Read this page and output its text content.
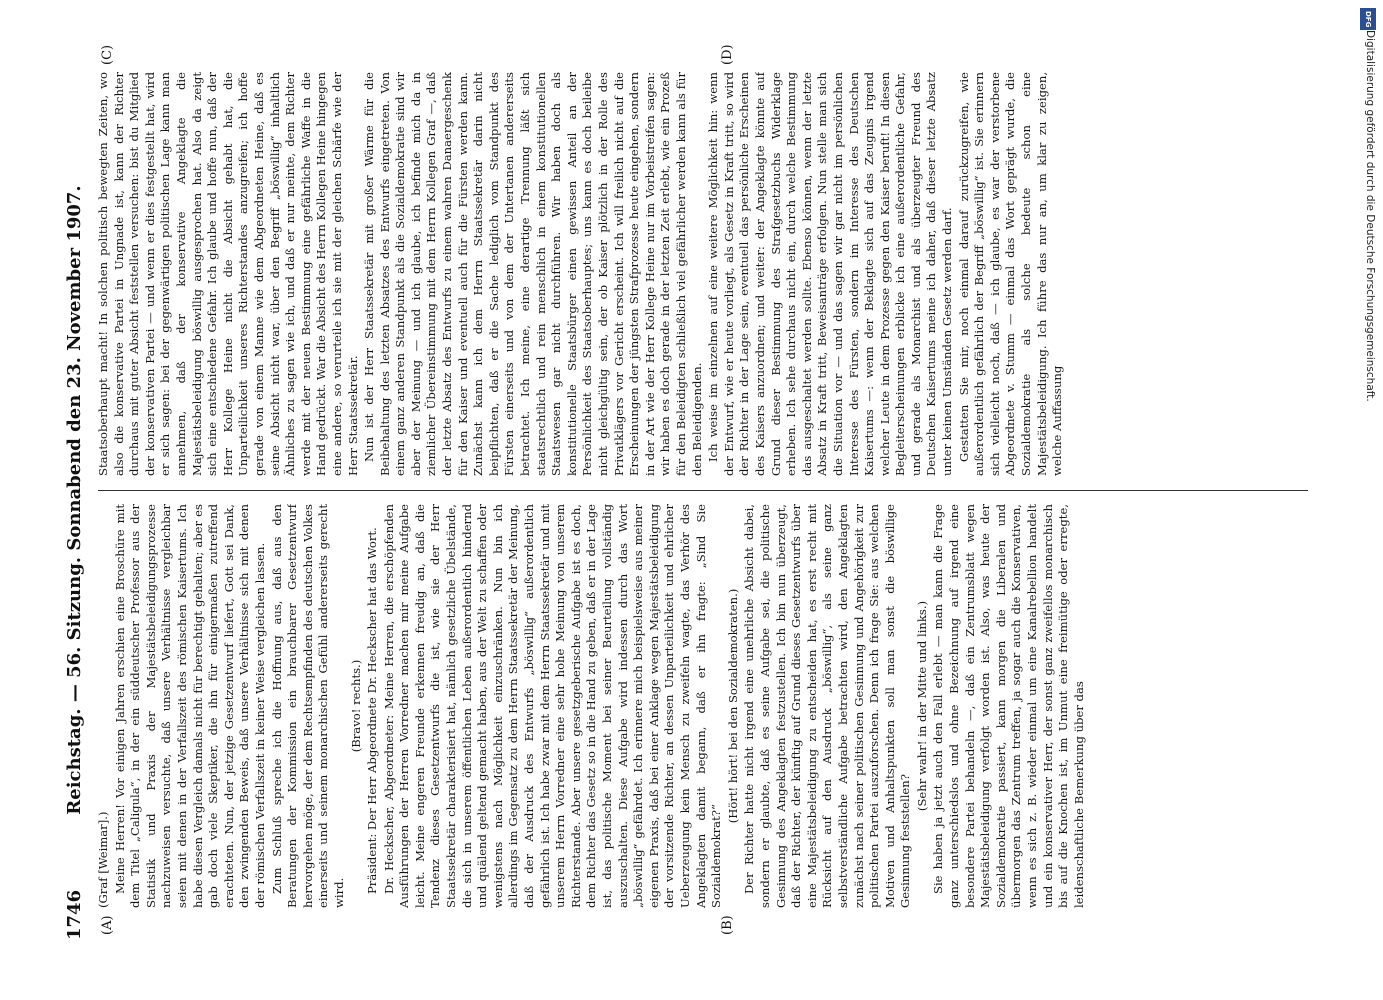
1746
Reichstag. — 56. Sitzung. Sonnabend den 23. November 1907.
(A)	(B)
(C)	(D)

(Graf [Weimar].) Meine Herren! Vor einigen Jahren erschien eine Broschüre mit dem Titel „Caligula“, in der ein süddeutscher Professor aus der Statistik und Praxis der Majestätsbeleidigungsprozesse nachzuweisen versuchte, daß unsere Verhältnisse vergleichbar seien mit denen in der Verfallszeit des römischen Kaisertums. Ich habe diesen Vergleich damals nicht für berechtigt gehalten; aber es gab doch viele Skeptiker, die ihn für einigermaßen zutreffend erachteten. Nun, der jetzige Gesetzentwurf liefert, Gott sei Dank, den zwingenden Beweis, daß unsere Verhältnisse sich mit denen der römischen Verfallszeit in keiner Weise vergleichen lassen. Zum Schluß spreche ich die Hoffnung aus, daß aus den Beratungen der Kommission ein brauchbarer Gesetzentwurf hervorgehen möge, der dem Rechtsempfinden des deutschen Volkes einerseits und seinem monarchischen Gefühl andererseits gerecht wird.

(Bravo! rechts.) Präsident: Der Herr Abgeordnete Dr. Heckscher hat das Wort. Dr. Heckscher, Abgeordneter: Meine Herren, die erschöpfenden Ausführungen der Herren Vorredner machen mir meine Aufgabe leicht. Meine engeren Freunde erkennen freudig an, daß die Tendenz dieses Gesetzentwurfs die ist, wie sie der Herr Staatssekretär charakterisiert hat, nämlich gesetzliche Übelstände, die sich in unserem öffentlichen Leben außerordentlich hindernd und quälend geltend gemacht haben, aus der Welt zu schaffen oder wenigstens nach Möglichkeit einzuschränken. Nun bin ich allerdings im Gegensatz zu dem Herrn Staatssekretär der Meinung, daß der Ausdruck des Entwurfs „böswillig“ außerordentlich gefährlich ist. Ich habe zwar mit dem Herrn Staatssekretär und mit unserem Herrn Vorredner eine sehr hohe Meinung von unserem Richterstande. Aber unsere gesetzgeberische Aufgabe ist es doch, dem Richter das Gesetz so in die Hand zu geben, daß er in der Lage ist, das politische Moment bei seiner Beurteilung vollständig auszuschalten. Diese Aufgabe wird indessen durch das Wort „böswillig“ gefährdet. Ich erinnere mich beispielsweise aus meiner eigenen Praxis, daß bei einer Anklage wegen Majestätsbeleidigung der vorsitzende Richter, an dessen Unparteilichkeit und ehrlicher Ueberzeugung kein Mensch zu zweifeln wagte, das Verhör des Angeklagten damit begann, daß er ihn fragte: „Sind Sie Sozialdemokrat?“

(Hört! hört! bei den Sozialdemokraten.) Der Richter hatte nicht irgend eine unehrliche Absicht dabei, sondern er glaubte, daß es seine Aufgabe sei, die politische Gesinnung des Angeklagten festzustellen. Ich bin nun überzeugt, daß der Richter, der künftig auf Grund dieses Gesetzentwurfs über eine Majestätsbeleidigung zu entscheiden hat, es erst recht mit Rücksicht auf den Ausdruck „böswillig“, als seine ganz selbstverständliche Aufgabe betrachten wird, den Angeklagten zunächst nach seiner politischen Gesinnung und Angehörigkeit zur politischen Partei auszuforschen. Denn ich frage Sie: aus welchen Motiven und Anhaltspunkten soll man sonst die böswillige Gesinnung feststellen?

(Sehr wahr! in der Mitte und links.) Sie haben ja jetzt auch den Fall erlebt — man kann die Frage ganz unterschiedslos und ohne Bezeichnung auf irgend eine besondere Partei behandeln —, daß ein Zentrumsblatt wegen Majestätsbeleidigung verfolgt worden ist. Also, was heute der Sozialdemokratie passiert, kann morgen die Liberalen und übermorgen das Zentrum treffen, ja sogar auch die Konservativen, wenn es sich z. B. wieder einmal um eine Kanalrebellion handelt und ein konservativer Herr, der sonst ganz zweifellos monarchisch bis auf die Knochen ist, im Unmut eine freimütige oder erregte, leidenschaftliche Bemerkung über das

Staatsoberhaupt macht! In solchen politisch bewegten Zeiten, wo also die konservative Partei in Ungnade ist, kann der Richter durchaus mit guter Absicht feststellen versuchen: bist du Mitglied der konservativen Partei — und wenn er dies festgestellt hat, wird er sich sagen: bei der gegenwärtigen politischen Lage kann man annehmen, daß der konservative Angeklagte die Majestätsbeleidigung böswillig ausgesprochen hat. Also da zeigt sich eine entschiedene Gefahr. Ich glaube und hoffe nun, daß der Herr Kollege Heine nicht die Absicht gehabt hat, die Unparteilichkeit unseres Richterstandes anzugreifen; ich hoffe gerade von einem Manne wie dem Abgeordneten Heine, daß es seine Absicht nicht war, über den Begriff „böswillig“ inhaltlich Ähnliches zu sagen wie ich, und daß er nur meinte, dem Richter werde mit der neuen Bestimmung eine gefährliche Waffe in die Hand gedrückt. War die Absicht des Herrn Kollegen Heine hingegen eine andere, so verurteile ich sie mit der gleichen Schärfe wie der Herr Staatssekretär. Nun ist der Herr Staatssekretär mit großer Wärme für die Beibehaltung des letzten Absatzes des Entwurfs eingetreten. Von einem ganz anderen Standpunkt als die Sozialdemokratie sind wir aber der Meinung — und ich glaube, ich befinde mich da in ziemlicher Übereinstimmung mit dem Herrn Kollegen Graf —, daß der letzte Absatz des Entwurfs zu einem wahren Danaergeschenk für den Kaiser und eventuell auch für die Fürsten werden kann. Zunächst kann ich dem Herrn Staatssekretär darin nicht beipflichten, daß er die Sache lediglich vom Standpunkt des Fürsten einerseits und von dem der Untertanen andererseits betrachtet. Ich meine, eine derartige Trennung läßt sich staatsrechtlich und rein menschlich in einem konstitutionellen Staatswesen gar nicht durchführen. Wir haben doch als konstitutionelle Staatsbürger einen gewissen Anteil an der Persönlichkeit des Staatsoberhauptes; uns kann es doch beileibe nicht gleichgültig sein, der ob Kaiser plötzlich in der Rolle des Privatklägers vor Gericht erscheint. Ich will freilich nicht auf die Erscheinungen der jüngsten Strafprozesse heute eingehen, sondern in der Art wie der Herr Kollege Heine nur im Vorbeistreifen sagen: wir haben es doch gerade in der letzten Zeit erlebt, wie ein Prozeß für den Beleidigten schließlich viel gefährlicher werden kann als für den Beleidigenden. Ich weise im einzelnen auf eine weitere Möglichkeit hin: wenn der Entwurf, wie er heute vorliegt, als Gesetz in Kraft tritt, so wird der Richter in der Lage sein, eventuell das persönliche Erscheinen des Kaisers anzuordnen; und weiter: der Angeklagte könnte auf Grund dieser Bestimmung des Strafgesetzbuchs Widerklage erheben. Ich sehe durchaus nicht ein, durch welche Bestimmung das ausgeschaltet werden sollte. Ebenso können, wenn der letzte Absatz in Kraft tritt, Beweisanträge erfolgen. Nun stelle man sich die Situation vor — und das sagen wir gar nicht im persönlichen Interesse des Fürsten, sondern im Interesse des Deutschen Kaisertums —: wenn der Beklagte sich auf das Zeugnis irgend welcher Leute in dem Prozesse gegen den Kaiser beruft! In diesen Begleiterscheinungen erblicke ich eine außerordentliche Gefahr, und gerade als Monarchist und als überzeugter Freund des Deutschen Kaisertums meine ich daher, daß dieser letzte Absatz unter keinen Umständen Gesetz werden darf. Gestatten Sie mir, noch einmal darauf zurückzugreifen, wie außerordentlich gefährlich der Begriff „böswillig“ ist. Sie erinnern sich vielleicht noch, daß — ich glaube, es war der verstorbene Abgeordnete v. Stumm — einmal das Wort geprägt wurde, die Sozialdemokratie als solche bedeute schon eine Majestätsbeleidigung. Ich führe das nur an, um klar zu zeigen, welche Auffassung

DFG
Digitalisierung gefördert durch die Deutsche Forschungsgemeinschaft.
